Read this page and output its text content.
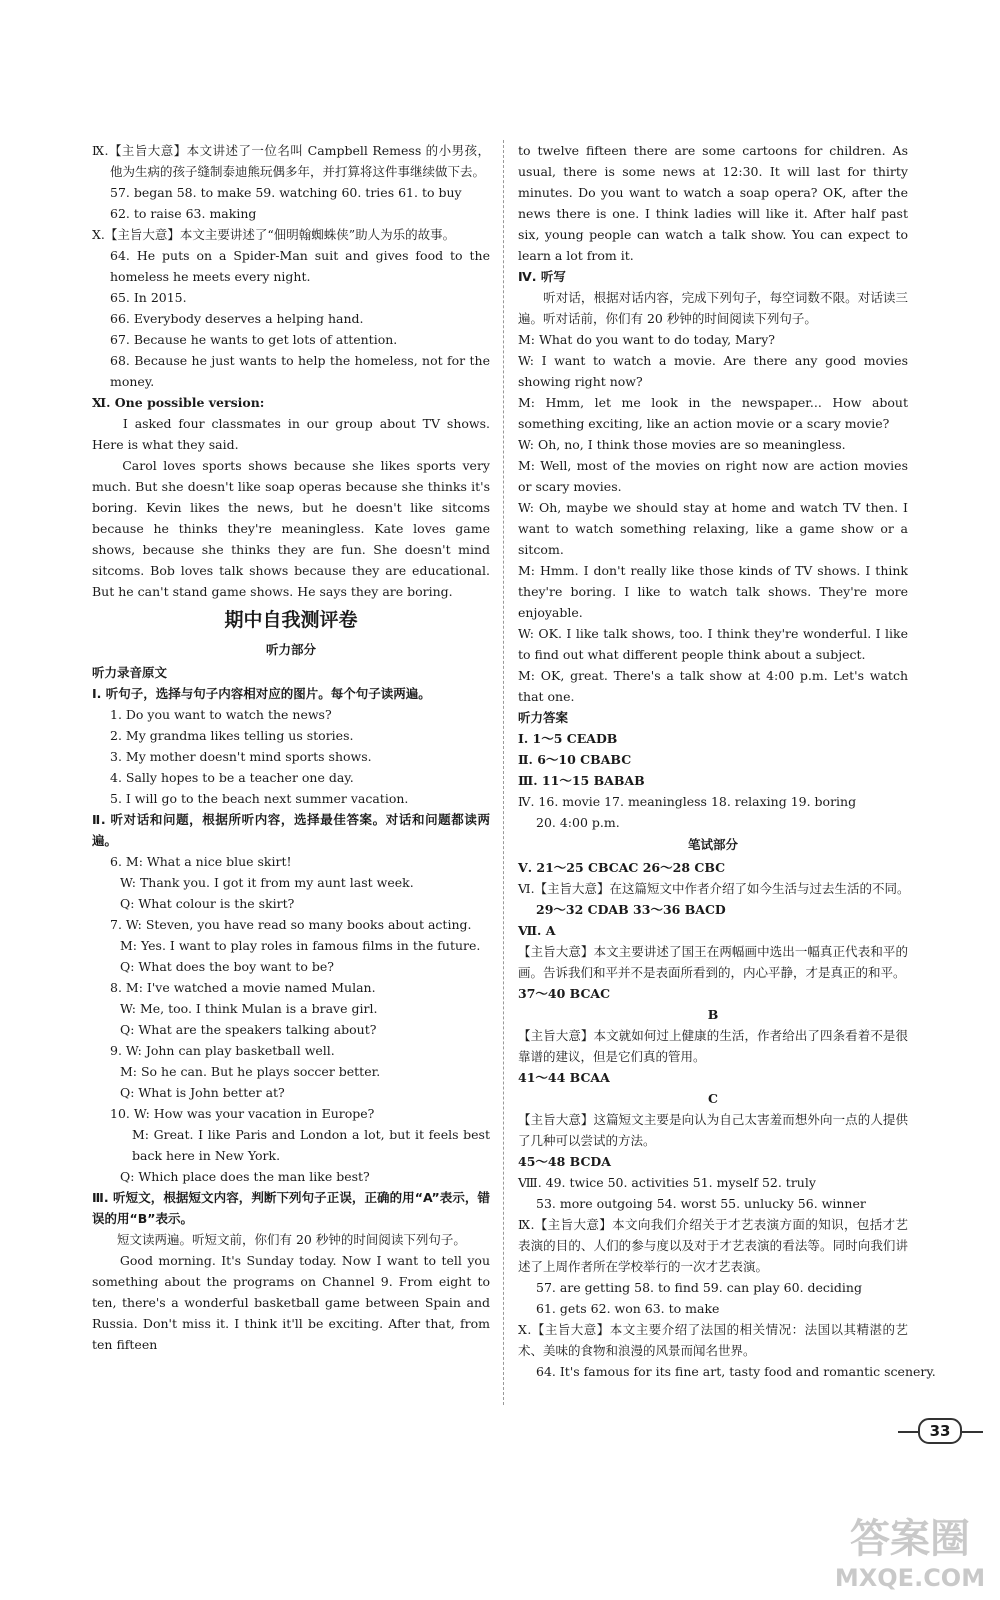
Ⅸ.【主旨大意】本文讲述了一位名叫 Campbell Remess 的小男孩，他为生病的孩子缝制泰迪熊玩偶多年，并打算将这件事继续做下去。
57. began 58. to make 59. watching 60. tries 61. to buy
62. to raise 63. making
Ⅹ.【主旨大意】本文主要讲述了“佃明翰蜘蛛侠”助人为乐的故事。
64. He puts on a Spider-Man suit and gives food to the homeless he meets every night.
65. In 2015.
66. Everybody deserves a helping hand.
67. Because he wants to get lots of attention.
68. Because he just wants to help the homeless, not for the money.
Ⅺ. One possible version:
　　I asked four classmates in our group about TV shows. Here is what they said.
　　Carol loves sports shows because she likes sports very much. But she doesn't like soap operas because she thinks it's boring. Kevin likes the news, but he doesn't like sitcoms because he thinks they're meaningless. Kate loves game shows, because she thinks they are fun. She doesn't mind sitcoms. Bob loves talk shows because they are educational. But he can't stand game shows. He says they are boring.
期中自我测评卷
听力部分
听力录音原文
Ⅰ. 听句子，选择与句子内容相对应的图片。每个句子读两遍。
1. Do you want to watch the news?
2. My grandma likes telling us stories.
3. My mother doesn't mind sports shows.
4. Sally hopes to be a teacher one day.
5. I will go to the beach next summer vacation.
Ⅱ. 听对话和问题，根据所听内容，选择最佳答案。对话和问题都读两遍。
6. M: What a nice blue skirt!
W: Thank you. I got it from my aunt last week.
Q: What colour is the skirt?
7. W: Steven, you have read so many books about acting.
M: Yes. I want to play roles in famous films in the future.
Q: What does the boy want to be?
8. M: I've watched a movie named Mulan.
W: Me, too. I think Mulan is a brave girl.
Q: What are the speakers talking about?
9. W: John can play basketball well.
M: So he can. But he plays soccer better.
Q: What is John better at?
10. W: How was your vacation in Europe?
M: Great. I like Paris and London a lot, but it feels best back here in New York.
Q: Which place does the man like best?
Ⅲ. 听短文，根据短文内容，判断下列句子正误，正确的用“A”表示，错误的用“B”表示。
　　短文读两遍。听短文前，你们有 20 秒钟的时间阅读下列句子。
　　Good morning. It's Sunday today. Now I want to tell you something about the programs on Channel 9. From eight to ten, there's a wonderful basketball game between Spain and Russia. Don't miss it. I think it'll be exciting. After that, from ten fifteen
to twelve fifteen there are some cartoons for children. As usual, there is some news at 12:30. It will last for thirty minutes. Do you want to watch a soap opera? OK, after the news there is one. I think ladies will like it. After half past six, young people can watch a talk show. You can expect to learn a lot from it.
Ⅳ. 听写
　　听对话，根据对话内容，完成下列句子，每空词数不限。对话读三遍。听对话前，你们有 20 秒钟的时间阅读下列句子。
M: What do you want to do today, Mary?
W: I want to watch a movie. Are there any good movies showing right now?
M: Hmm, let me look in the newspaper... How about something exciting, like an action movie or a scary movie?
W: Oh, no, I think those movies are so meaningless.
M: Well, most of the movies on right now are action movies or scary movies.
W: Oh, maybe we should stay at home and watch TV then. I want to watch something relaxing, like a game show or a sitcom.
M: Hmm. I don't really like those kinds of TV shows. I think they're boring. I like to watch talk shows. They're more enjoyable.
W: OK. I like talk shows, too. I think they're wonderful. I like to find out what different people think about a subject.
M: OK, great. There's a talk show at 4:00 p.m. Let's watch that one.
听力答案
Ⅰ. 1～5 CEADB
Ⅱ. 6～10 CBABC
Ⅲ. 11～15 BABAB
Ⅳ. 16. movie 17. meaningless 18. relaxing 19. boring
20. 4:00 p.m.
笔试部分
Ⅴ. 21～25 CBCAC 26～28 CBC
Ⅵ.【主旨大意】在这篇短文中作者介绍了如今生活与过去生活的不同。
29～32 CDAB 33～36 BACD
Ⅶ. A
【主旨大意】本文主要讲述了国王在两幅画中选出一幅真正代表和平的画。告诉我们和平并不是表面所看到的，内心平静，才是真正的和平。
37～40 BCAC
B
【主旨大意】本文就如何过上健康的生活，作者给出了四条看着不是很靠谱的建议，但是它们真的管用。
41～44 BCAA
C
【主旨大意】这篇短文主要是向认为自己太害羞而想外向一点的人提供了几种可以尝试的方法。
45～48 BCDA
Ⅷ. 49. twice 50. activities 51. myself 52. truly
53. more outgoing 54. worst 55. unlucky 56. winner
Ⅸ.【主旨大意】本文向我们介绍关于才艺表演方面的知识，包括才艺表演的目的、人们的参与度以及对于才艺表演的看法等。同时向我们讲述了上周作者所在学校举行的一次才艺表演。
57. are getting 58. to find 59. can play 60. deciding
61. gets 62. won 63. to make
Ⅹ.【主旨大意】本文主要介绍了法国的相关情况：法国以其精湛的艺术、美味的食物和浪漫的风景而闻名世界。
64. It's famous for its fine art, tasty food and romantic scenery.
33
答案圈
MXQE.COM
